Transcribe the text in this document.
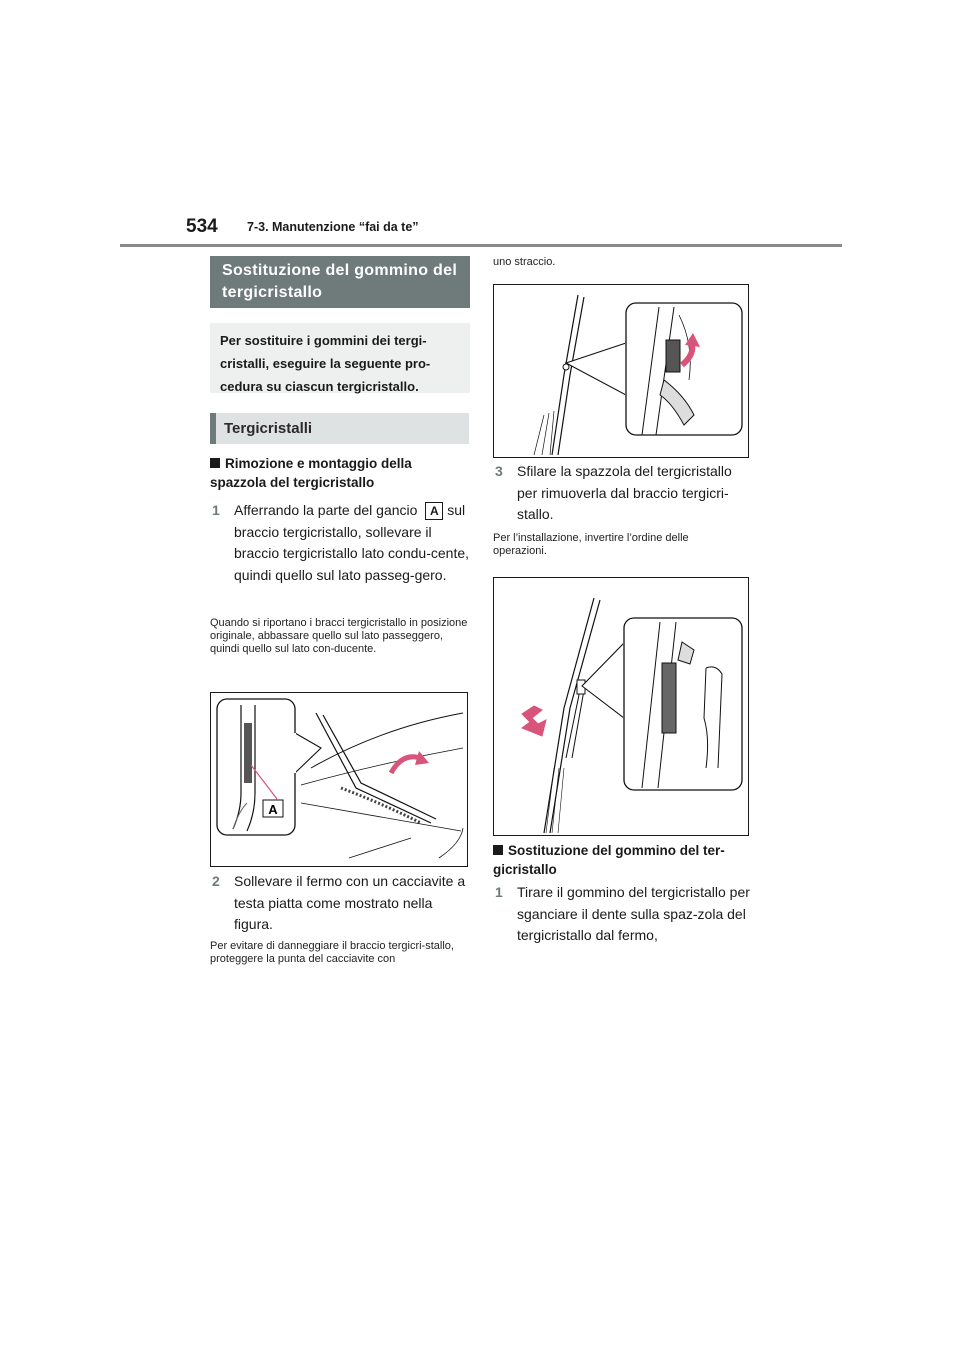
534 7-3. Manutenzione “fai da te”
Sostituzione del gommino del tergicristallo
Per sostituire i gommini dei tergi-cristalli, eseguire la seguente pro-cedura su ciascun tergicristallo.
Tergicristalli
Rimozione e montaggio della spazzola del tergicristallo
1 Afferrando la parte del gancio A sul braccio tergicristallo, sollevare il braccio tergicristallo lato condu-cente, quindi quello sul lato passeg-gero.
Quando si riportano i bracci tergicristallo in posizione originale, abbassare quello sul lato passeggero, quindi quello sul lato con-ducente.
A
2 Sollevare il fermo con un cacciavite a testa piatta come mostrato nella figura.
Per evitare di danneggiare il braccio tergicri-stallo, proteggere la punta del cacciavite con
uno straccio.
3 Sfilare la spazzola del tergicristallo per rimuoverla dal braccio tergicri-stallo.
Per l’installazione, invertire l’ordine delle operazioni.
Sostituzione del gommino del ter-gicristallo
1 Tirare il gommino del tergicristallo per sganciare il dente sulla spaz-zola del tergicristallo dal fermo,
